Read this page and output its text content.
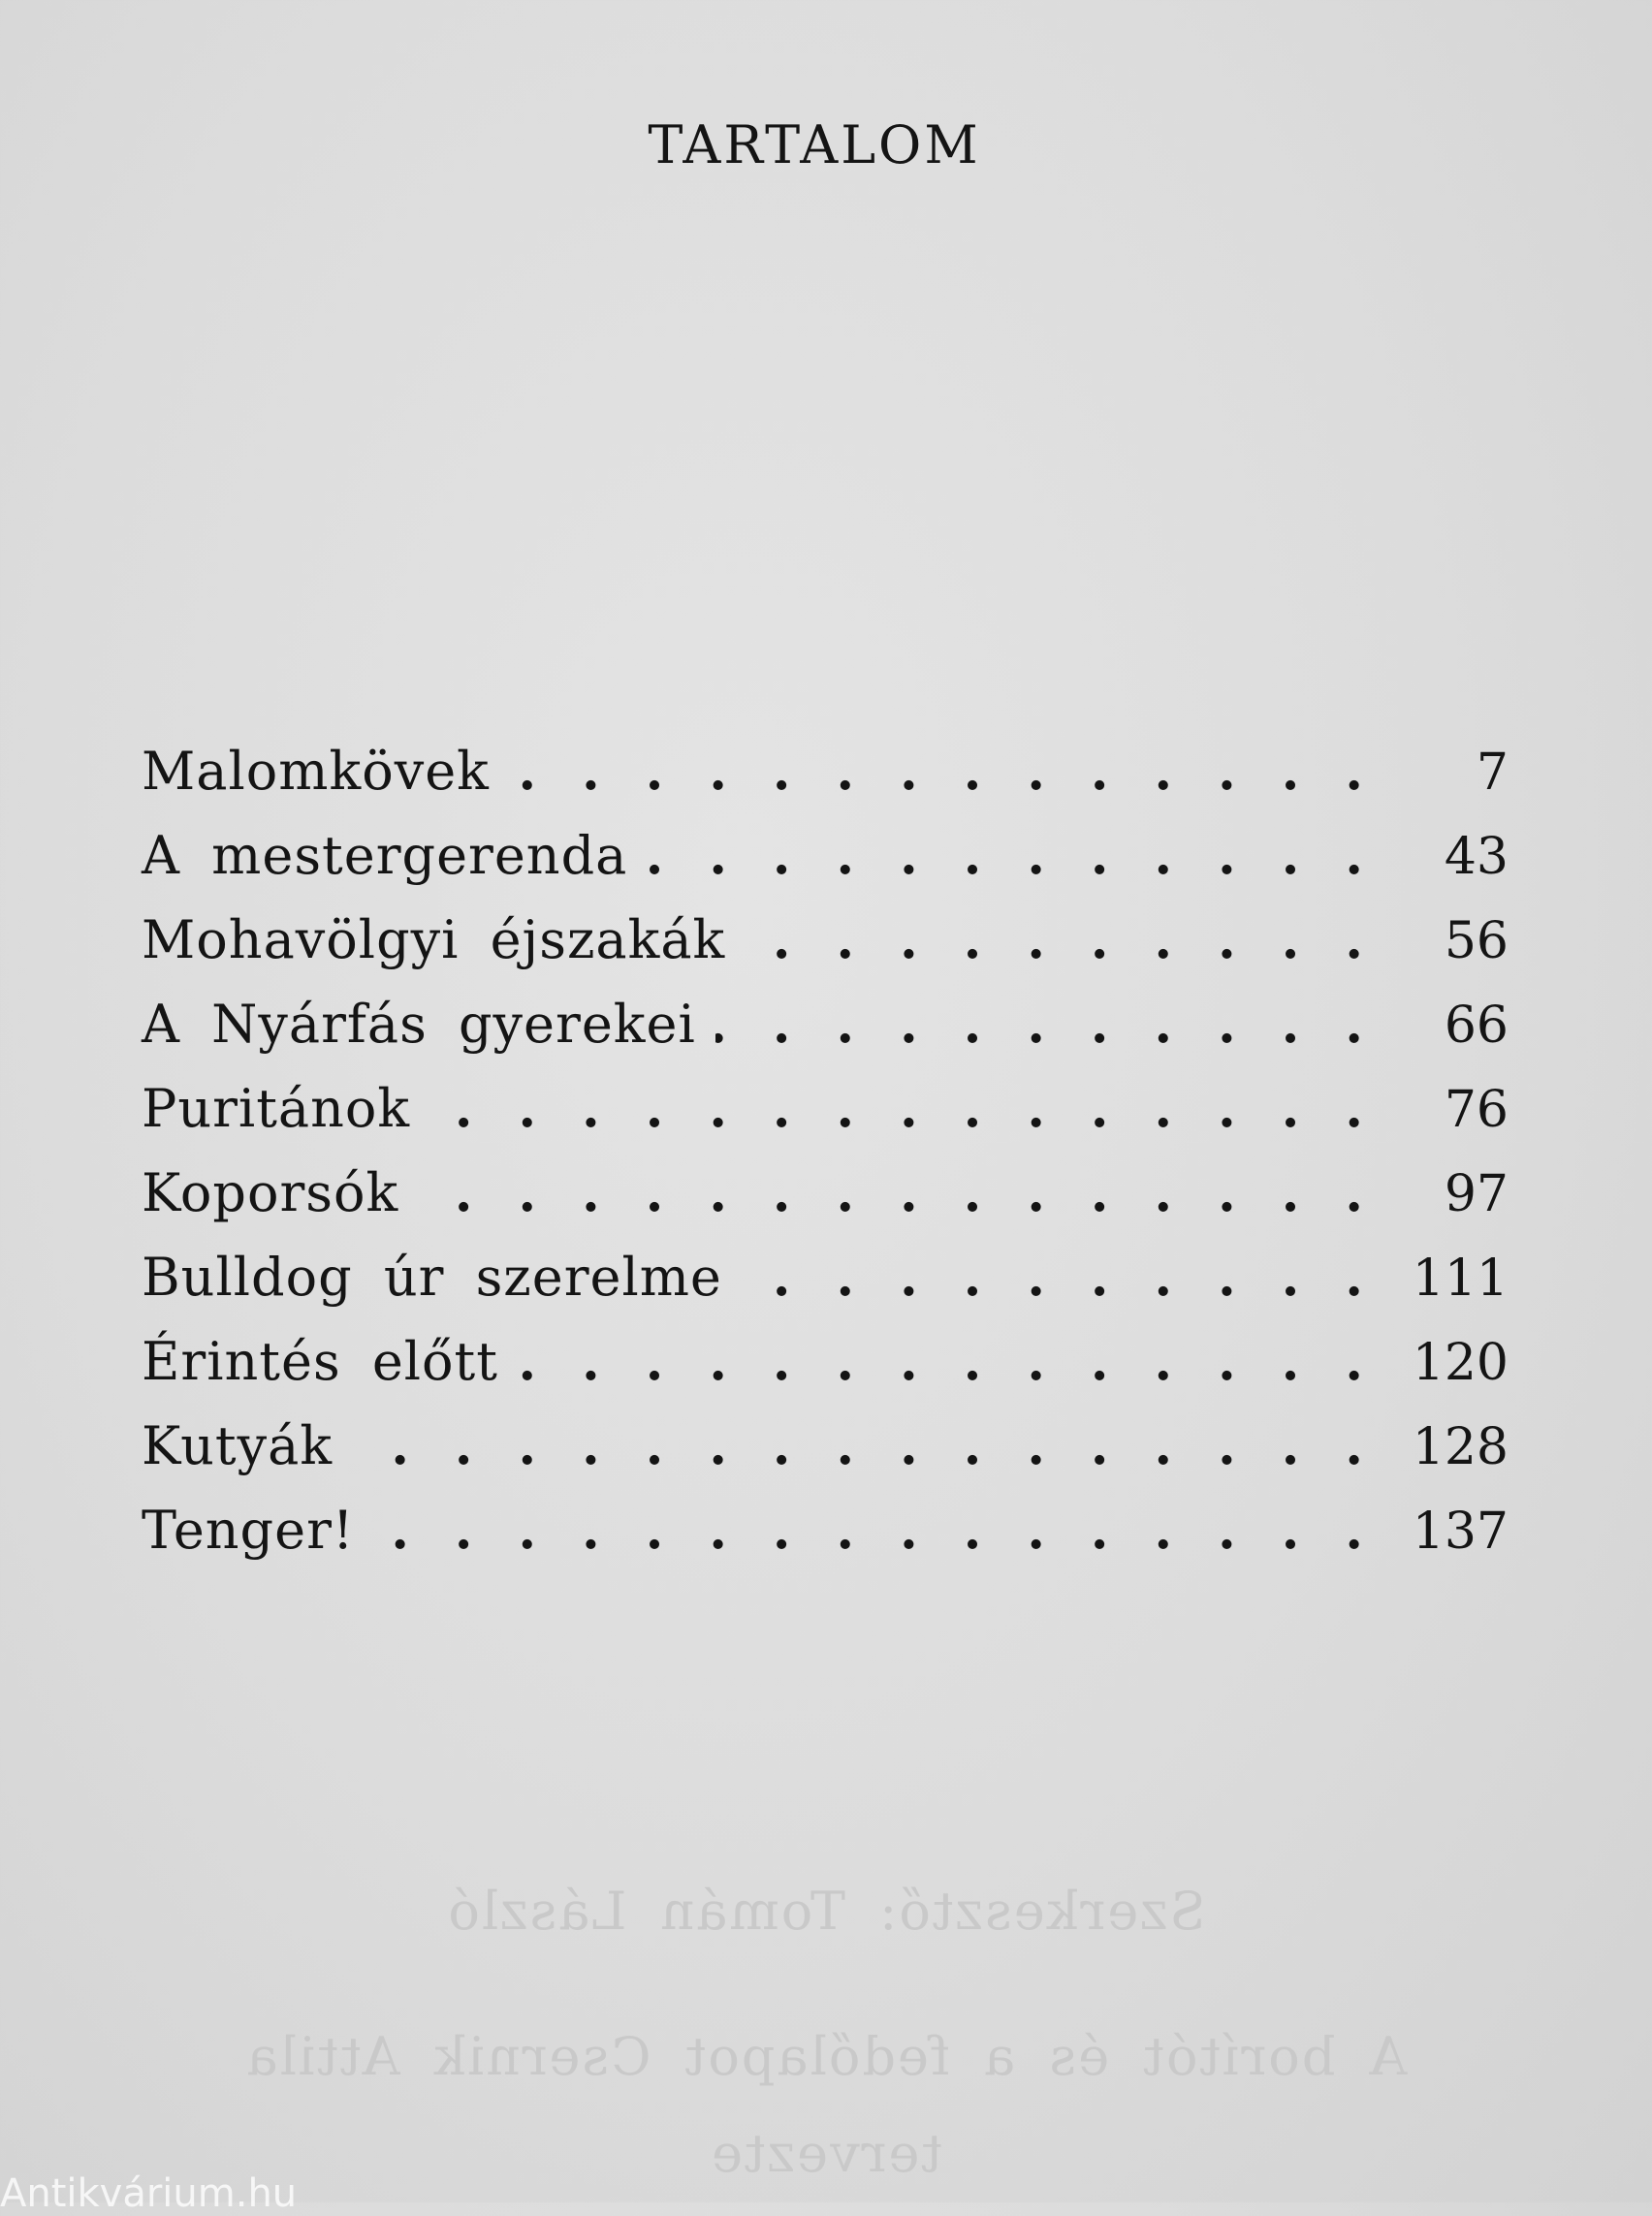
TARTALOM
Malomkövek . . .	7
A mestergerenda . . .	43
Mohavölgyi éjszakák . . .	56
A Nyárfás gyerekei . . .	66
Puritánok . . .	76
Koporsók . . .	97
Bulldog úr szerelme . . .	111
Érintés előtt . . .	120
Kutyák . . .	128
Tenger! . . .	137
Szerkesztő: Tomán László
A borítót és a fedőlapot Csernik Attila
tervezte
Antikvárium.hu
